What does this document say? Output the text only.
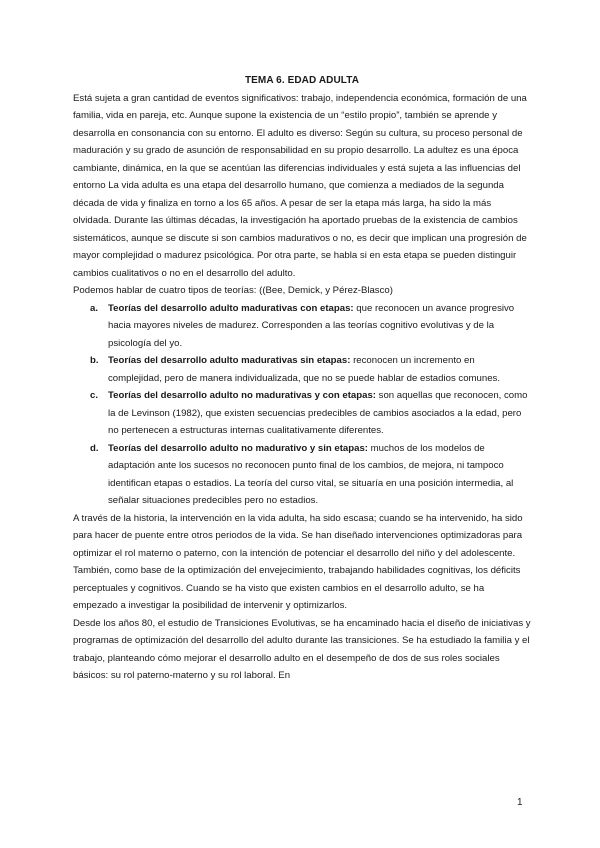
TEMA 6. EDAD ADULTA

Está sujeta a gran cantidad de eventos significativos: trabajo, independencia económica, formación de una familia, vida en pareja, etc. Aunque supone la existencia de un “estilo propio”, también se aprende y desarrolla en consonancia con su entorno. El adulto es diverso: Según su cultura, su proceso personal de maduración y su grado de asunción de responsabilidad en su propio desarrollo. La adultez es una época cambiante, dinámica, en la que se acentúan las diferencias individuales y está sujeta a las influencias del entorno La vida adulta es una etapa del desarrollo humano, que comienza a mediados de la segunda década de vida y finaliza en torno a los 65 años. A pesar de ser la etapa más larga, ha sido la más olvidada. Durante las últimas décadas, la investigación ha aportado pruebas de la existencia de cambios sistemáticos, aunque se discute si son cambios madurativos o no, es decir que implican una progresión de mayor complejidad o madurez psicológica. Por otra parte, se habla si en esta etapa se pueden distinguir cambios cualitativos o no en el desarrollo del adulto.

Podemos hablar de cuatro tipos de teorías: ((Bee, Demick, y Pérez-Blasco)

a. Teorías del desarrollo adulto madurativas con etapas: que reconocen un avance progresivo hacia mayores niveles de madurez. Corresponden a las teorías cognitivo evolutivas y de la psicología del yo.
b. Teorías del desarrollo adulto madurativas sin etapas: reconocen un incremento en complejidad, pero de manera individualizada, que no se puede hablar de estadios comunes.
c. Teorías del desarrollo adulto no madurativas y con etapas: son aquellas que reconocen, como la de Levinson (1982), que existen secuencias predecibles de cambios asociados a la edad, pero no pertenecen a estructuras internas cualitativamente diferentes.
d. Teorías del desarrollo adulto no madurativo y sin etapas: muchos de los modelos de adaptación ante los sucesos no reconocen punto final de los cambios, de mejora, ni tampoco identifican etapas o estadios. La teoría del curso vital, se situaría en una posición intermedia, al señalar situaciones predecibles pero no estadios.

A través de la historia, la intervención en la vida adulta, ha sido escasa; cuando se ha intervenido, ha sido para hacer de puente entre otros periodos de la vida. Se han diseñado intervenciones optimizadoras para optimizar el rol materno o paterno, con la intención de potenciar el desarrollo del niño y del adolescente. También, como base de la optimización del envejecimiento, trabajando habilidades cognitivas, los déficits perceptuales y cognitivos. Cuando se ha visto que existen cambios en el desarrollo adulto, se ha empezado a investigar la posibilidad de intervenir y optimizarlos.

Desde los años 80, el estudio de Transiciones Evolutivas, se ha encaminado hacia el diseño de iniciativas y programas de optimización del desarrollo del adulto durante las transiciones. Se ha estudiado la familia y el trabajo, planteando cómo mejorar el desarrollo adulto en el desempeño de dos de sus roles sociales básicos: su rol paterno-materno y su rol laboral. En

1
